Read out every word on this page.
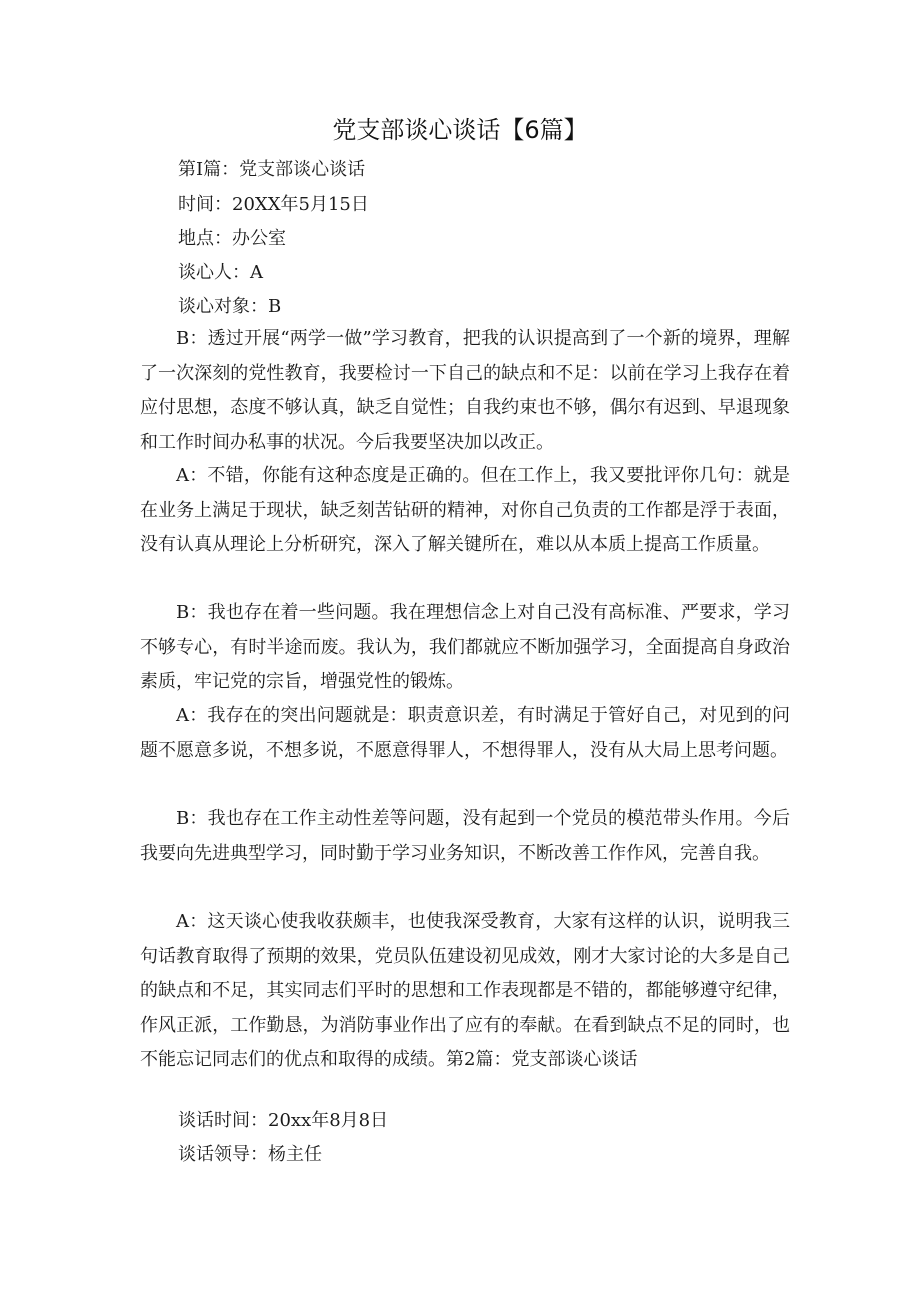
党支部谈心谈话【6篇】
第Ⅰ篇：党支部谈心谈话
时间：20XX年5月15日
地点：办公室
谈心人：A
谈心对象：B

B：透过开展“两学一做”学习教育，把我的认识提高到了一个新的境界，理解了一次深刻的党性教育，我要检讨一下自己的缺点和不足：以前在学习上我存在着应付思想，态度不够认真，缺乏自觉性；自我约束也不够，偶尔有迟到、早退现象和工作时间办私事的状况。今后我要坚决加以改正。

A：不错，你能有这种态度是正确的。但在工作上，我又要批评你几句：就是在业务上满足于现状，缺乏刻苦钻研的精神，对你自己负责的工作都是浮于表面，没有认真从理论上分析研究，深入了解关键所在，难以从本质上提高工作质量。

B：我也存在着一些问题。我在理想信念上对自己没有高标准、严要求，学习不够专心，有时半途而废。我认为，我们都就应不断加强学习，全面提高自身政治素质，牢记党的宗旨，增强党性的锻炼。

A：我存在的突出问题就是：职责意识差，有时满足于管好自己，对见到的问题不愿意多说，不想多说，不愿意得罪人，不想得罪人，没有从大局上思考问题。

B：我也存在工作主动性差等问题，没有起到一个党员的模范带头作用。今后我要向先进典型学习，同时勤于学习业务知识，不断改善工作作风，完善自我。

A：这天谈心使我收获颇丰，也使我深受教育，大家有这样的认识，说明我三句话教育取得了预期的效果，党员队伍建设初见成效，刚才大家讨论的大多是自己的缺点和不足，其实同志们平时的思想和工作表现都是不错的，都能够遵守纪律，作风正派，工作勤恳，为消防事业作出了应有的奉献。在看到缺点不足的同时，也不能忘记同志们的优点和取得的成绩。第2篇：党支部谈心谈话

谈话时间：20xx年8月8日
谈话领导：杨主任
